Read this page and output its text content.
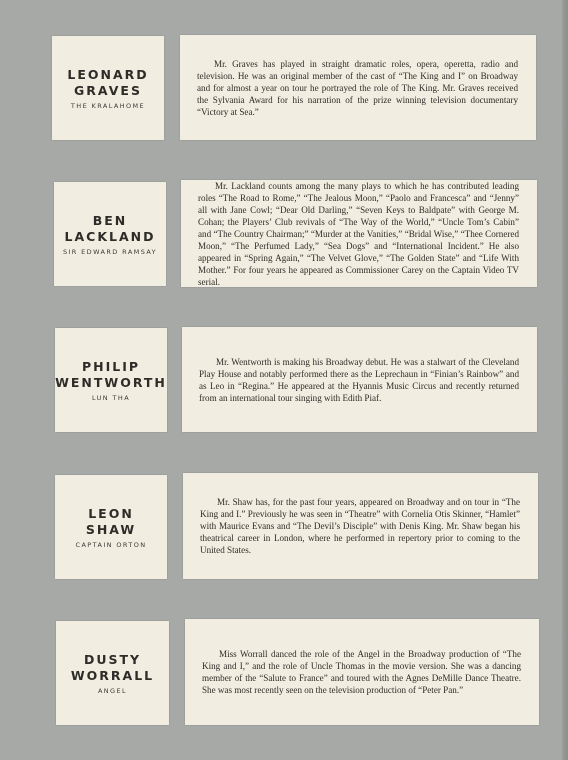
LEONARD
GRAVES
THE KRALAHOME

Mr. Graves has played in straight dramatic roles, opera, operetta, radio and television. He was an original member of the cast of “The King and I” on Broadway and for almost a year on tour he portrayed the role of The King. Mr. Graves received the Sylvania Award for his narration of the prize winning television documentary “Victory at Sea.”

BEN
LACKLAND
SIR EDWARD RAMSAY

Mr. Lackland counts among the many plays to which he has contributed leading roles “The Road to Rome,” “The Jealous Moon,” “Paolo and Francesca” and “Jenny” all with Jane Cowl; “Dear Old Darling,” “Seven Keys to Baldpate” with George M. Cohan; the Players’ Club revivals of “The Way of the World,” “Uncle Tom’s Cabin” and “The Country Chairman;” “Murder at the Vanities,” “Bridal Wise,” “Thee Cornered Moon,” “The Perfumed Lady,” “Sea Dogs” and “International Incident.” He also appeared in “Spring Again,” “The Velvet Glove,” “The Golden State” and “Life With Mother.” For four years he appeared as Commissioner Carey on the Captain Video TV serial.

PHILIP
WENTWORTH
LUN THA

Mr. Wentworth is making his Broadway debut. He was a stalwart of the Cleveland Play House and notably performed there as the Leprechaun in “Finian’s Rainbow” and as Leo in “Regina.” He appeared at the Hyannis Music Circus and recently returned from an international tour singing with Edith Piaf.

LEON
SHAW
CAPTAIN ORTON

Mr. Shaw has, for the past four years, appeared on Broadway and on tour in “The King and I.” Previously he was seen in “Theatre” with Cornelia Otis Skinner, “Hamlet” with Maurice Evans and “The Devil’s Disciple” with Denis King. Mr. Shaw began his theatrical career in London, where he performed in repertory prior to coming to the United States.

DUSTY
WORRALL
ANGEL

Miss Worrall danced the role of the Angel in the Broadway production of “The King and I,” and the role of Uncle Thomas in the movie version. She was a dancing member of the “Salute to France” and toured with the Agnes DeMille Dance Theatre. She was most recently seen on the television production of “Peter Pan.”
